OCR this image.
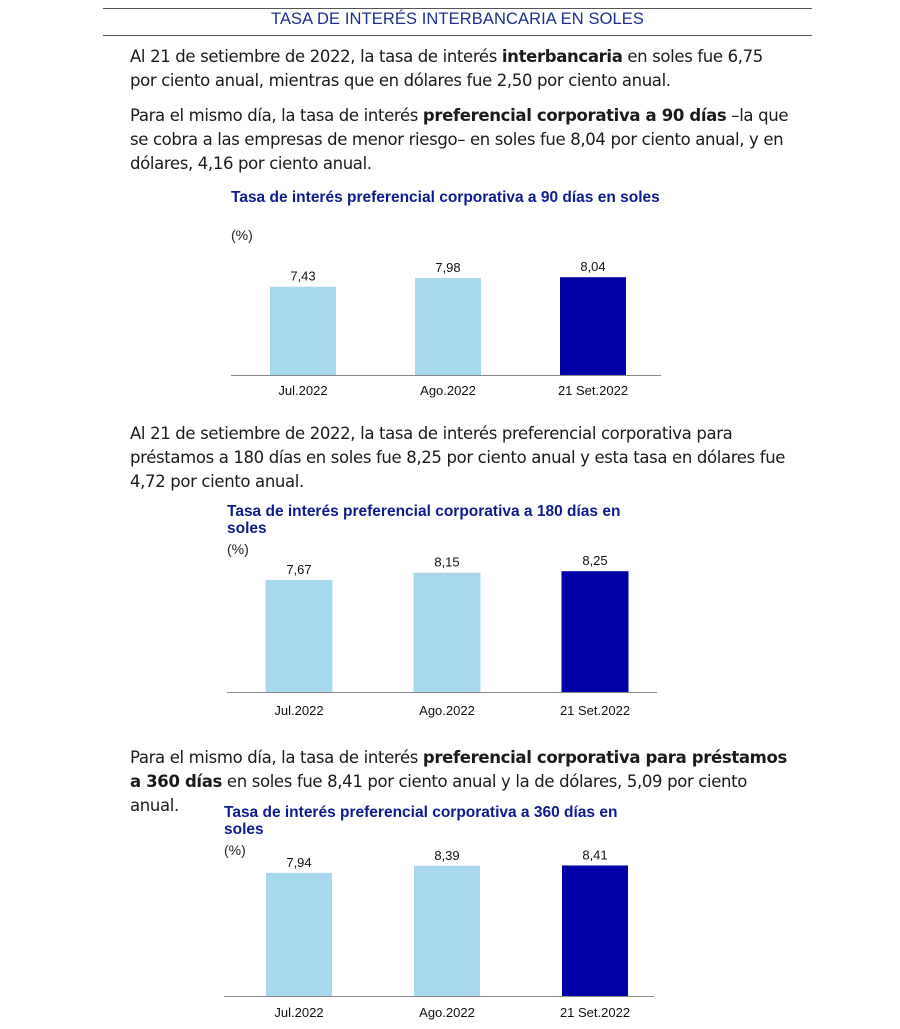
TASA DE INTERÉS INTERBANCARIA EN SOLES

Al 21 de setiembre de 2022, la tasa de interés interbancaria en soles fue 6,75 por ciento anual, mientras que en dólares fue 2,50 por ciento anual.

Para el mismo día, la tasa de interés preferencial corporativa a 90 días –la que se cobra a las empresas de menor riesgo– en soles fue 8,04 por ciento anual, y en dólares, 4,16 por ciento anual.

Tasa de interés preferencial corporativa a 90 días en soles
(%)
7,43
Jul.2022
7,98
Ago.2022
8,04
21 Set.2022

Al 21 de setiembre de 2022, la tasa de interés preferencial corporativa para préstamos a 180 días en soles fue 8,25 por ciento anual y esta tasa en dólares fue 4,72 por ciento anual.

Tasa de interés preferencial corporativa a 180 días en soles
(%)
7,67
Jul.2022
8,15
Ago.2022
8,25
21 Set.2022

Para el mismo día, la tasa de interés preferencial corporativa para préstamos a 360 días en soles fue 8,41 por ciento anual y la de dólares, 5,09 por ciento anual.	Tasa de interés preferencial corporativa a 360 días en soles
(%)
7,94
Jul.2022
8,39
Ago.2022
8,41
21 Set.2022
